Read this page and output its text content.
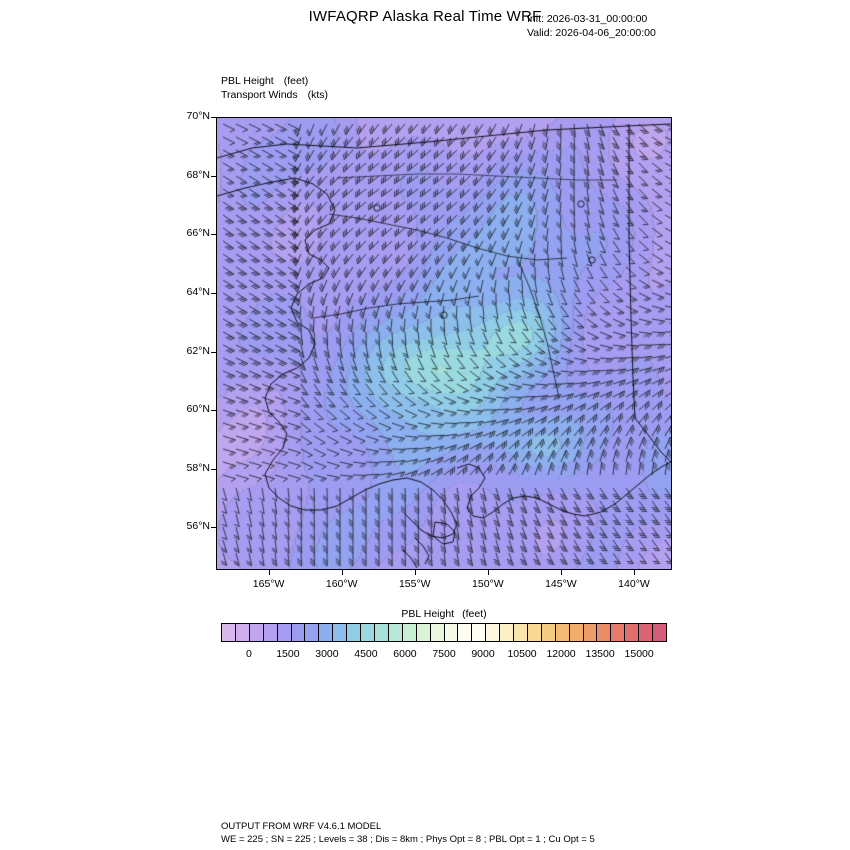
IWFAQRP Alaska Real Time WRF
Init: 2026-03-31_00:00:00
Valid: 2026-04-06_20:00:00
PBL Height (feet)
Transport Winds (kts)
56°N
58°N
60°N
62°N
64°N
66°N
68°N
70°N
165°W	160°W	155°W	150°W	145°W	140°W
PBL Height (feet)
0	1500	3000	4500	6000	7500	9000	10500 12000 13500 15000
OUTPUT FROM WRF V4.6.1 MODEL
WE = 225 ; SN = 225 ; Levels = 38 ; Dis = 8km ; Phys Opt = 8 ; PBL Opt = 1 ; Cu Opt = 5
